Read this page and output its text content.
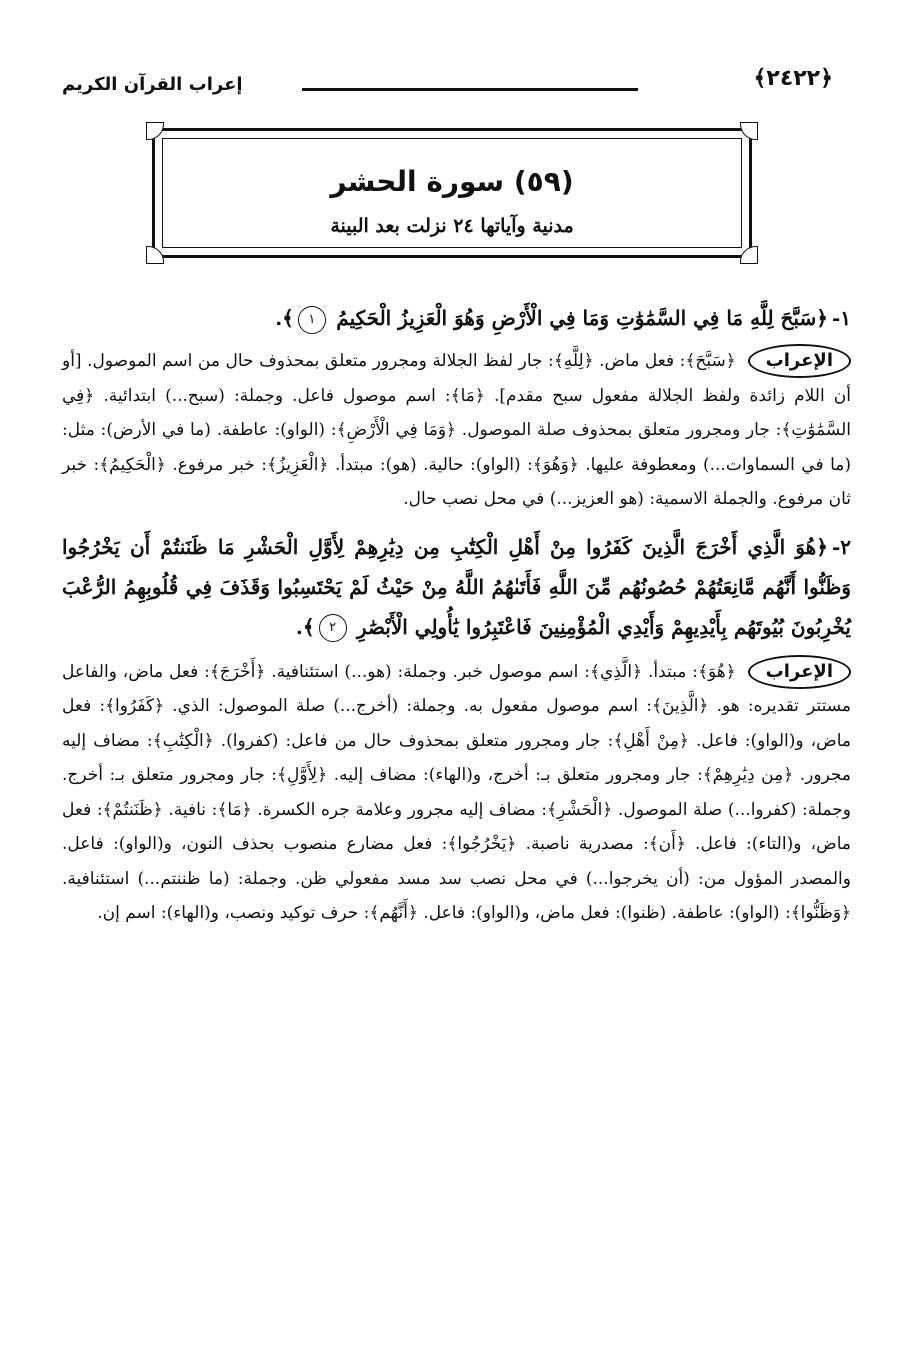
﴿٢٤٢٢﴾
إعراب القرآن الكريم
(٥٩) سورة الحشر
مدنية وآياتها ٢٤ نزلت بعد البينة

١-﴿سَبَّحَ لِلَّهِ مَا فِي السَّمَٰوَٰتِ وَمَا فِي الْأَرْضِ وَهُوَ الْعَزِيزُ الْحَكِيمُ ١﴾.

الإعراب﴿سَبَّحَ﴾: فعل ماض. ﴿لِلَّهِ﴾: جار لفظ الجلالة ومجرور متعلق بمحذوف حال من اسم الموصول. [أو أن اللام زائدة ولفظ الجلالة مفعول سبح مقدم]. ﴿مَا﴾: اسم موصول فاعل. وجملة: (سبح...) ابتدائية. ﴿فِي السَّمَٰوَٰتِ﴾: جار ومجرور متعلق بمحذوف صلة الموصول. ﴿وَمَا فِي الْأَرْضِ﴾: (الواو): عاطفة. (ما في الأرض): مثل: (ما في السماوات...) ومعطوفة عليها. ﴿وَهُوَ﴾: (الواو): حالية. (هو): مبتدأ. ﴿الْعَزِيزُ﴾: خبر مرفوع. ﴿الْحَكِيمُ﴾: خبر ثان مرفوع. والجملة الاسمية: (هو العزيز...) في محل نصب حال.

٢-﴿هُوَ الَّذِي أَخْرَجَ الَّذِينَ كَفَرُوا مِنْ أَهْلِ الْكِتَٰبِ مِن دِيَٰرِهِمْ لِأَوَّلِ الْحَشْرِ مَا ظَنَنتُمْ أَن يَخْرُجُوا وَظَنُّوا أَنَّهُم مَّانِعَتُهُمْ حُصُونُهُم مِّنَ اللَّهِ فَأَتَىٰهُمُ اللَّهُ مِنْ حَيْثُ لَمْ يَحْتَسِبُوا وَقَذَفَ فِي قُلُوبِهِمُ الرُّعْبَ يُخْرِبُونَ بُيُوتَهُم بِأَيْدِيهِمْ وَأَيْدِي الْمُؤْمِنِينَ فَاعْتَبِرُوا يَٰأُولِي الْأَبْصَٰرِ ٢﴾.

الإعراب﴿هُوَ﴾: مبتدأ. ﴿الَّذِي﴾: اسم موصول خبر. وجملة: (هو...) استئنافية. ﴿أَخْرَجَ﴾: فعل ماض، والفاعل مستتر تقديره: هو. ﴿الَّذِينَ﴾: اسم موصول مفعول به. وجملة: (أخرج...) صلة الموصول: الذي. ﴿كَفَرُوا﴾: فعل ماض، و(الواو): فاعل. ﴿مِنْ أَهْلِ﴾: جار ومجرور متعلق بمحذوف حال من فاعل: (كفروا). ﴿الْكِتَٰبِ﴾: مضاف إليه مجرور. ﴿مِن دِيَٰرِهِمْ﴾: جار ومجرور متعلق بـ: أخرج، و(الهاء): مضاف إليه. ﴿لِأَوَّلِ﴾: جار ومجرور متعلق بـ: أخرج. وجملة: (كفروا...) صلة الموصول. ﴿الْحَشْرِ﴾: مضاف إليه مجرور وعلامة جره الكسرة. ﴿مَا﴾: نافية. ﴿ظَنَنتُمْ﴾: فعل ماض، و(التاء): فاعل. ﴿أَن﴾: مصدرية ناصبة. ﴿يَخْرُجُوا﴾: فعل مضارع منصوب بحذف النون، و(الواو): فاعل. والمصدر المؤول من: (أن يخرجوا...) في محل نصب سد مسد مفعولي ظن. وجملة: (ما ظننتم...) استئنافية. ﴿وَظَنُّوا﴾: (الواو): عاطفة. (ظنوا): فعل ماض، و(الواو): فاعل. ﴿أَنَّهُم﴾: حرف توكيد ونصب، و(الهاء): اسم إن.
